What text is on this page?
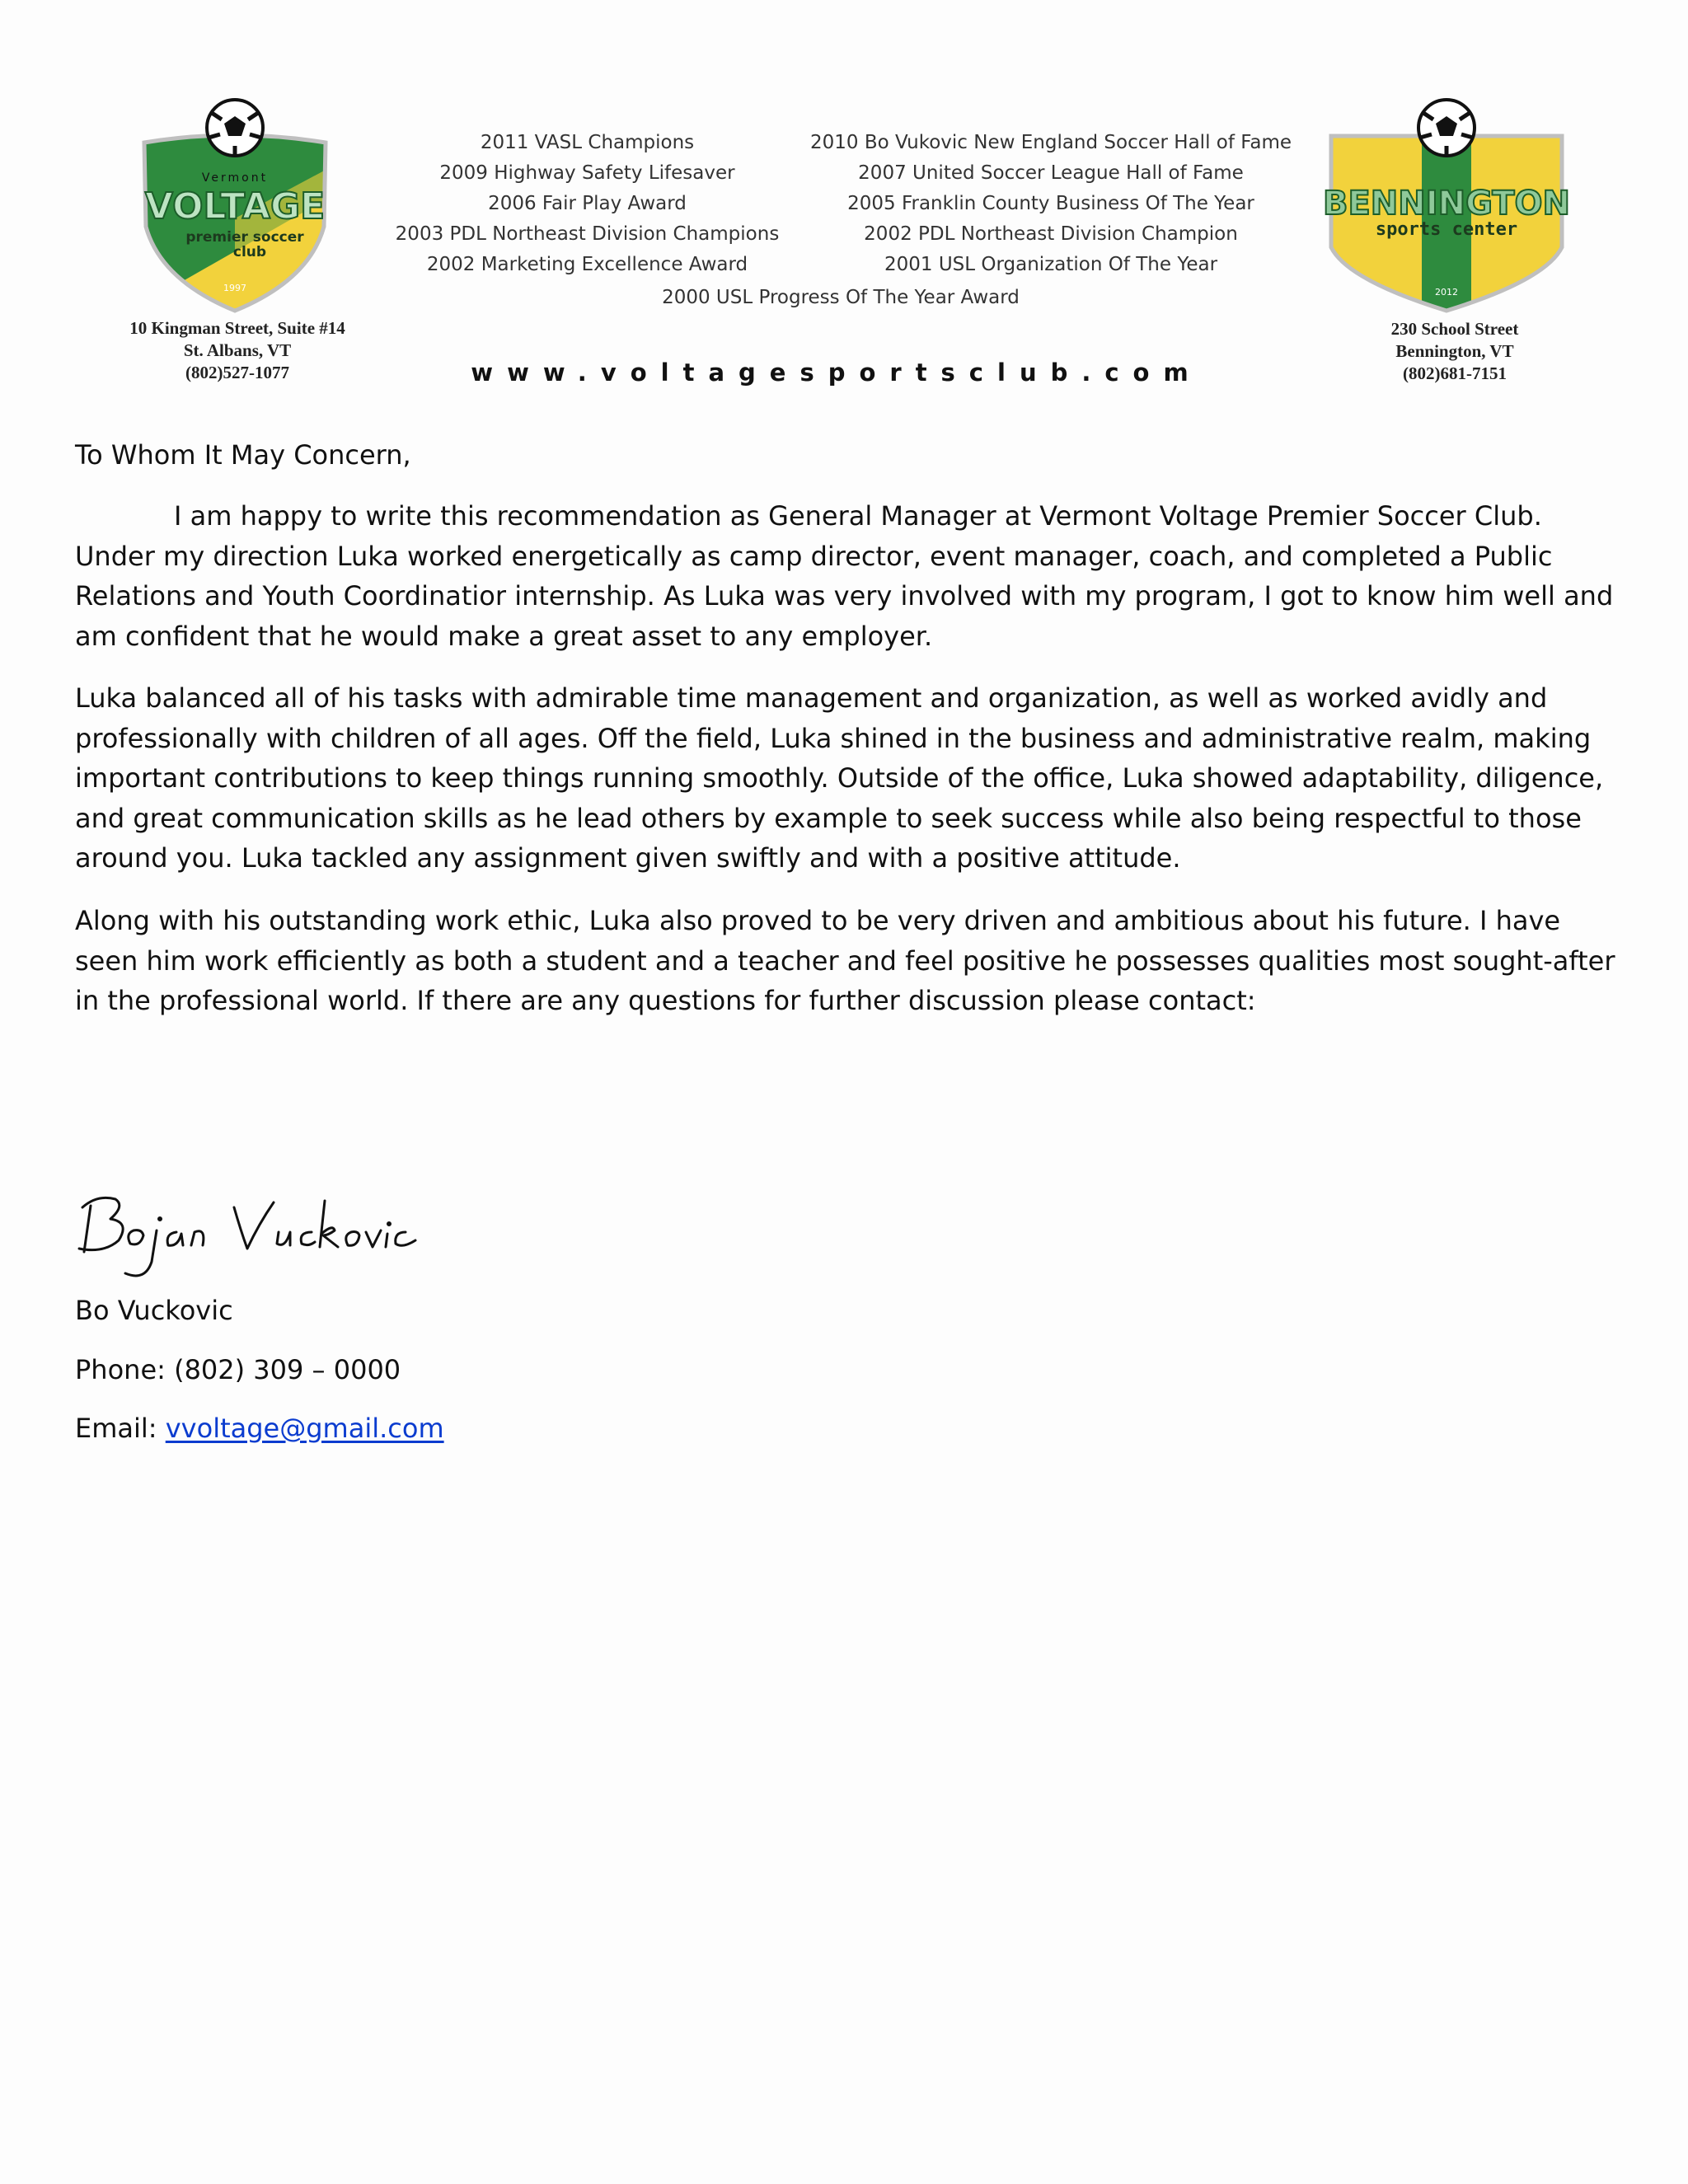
Vermont
VOLTAGE
premier soccer
club
1997
10 Kingman Street, Suite #14
St. Albans, VT
(802)527-1077
2011 VASL Champions
2009 Highway Safety Lifesaver
2006 Fair Play Award
2003 PDL Northeast Division Champions
2002 Marketing Excellence Award
2010 Bo Vukovic New England Soccer Hall of Fame
2007 United Soccer League Hall of Fame
2005 Franklin County Business Of The Year
2002 PDL Northeast Division Champion
2001 USL Organization Of The Year
2000 USL Progress Of The Year Award
www.voltagesportsclub.com
BENNINGTON
sports center
2012
230 School Street
Bennington, VT
(802)681-7151
To Whom It May Concern,

I am happy to write this recommendation as General Manager at Vermont Voltage Premier Soccer Club. Under my direction Luka worked energetically as camp director, event manager, coach, and completed a Public Relations and Youth Coordinatior internship. As Luka was very involved with my program, I got to know him well and am confident that he would make a great asset to any employer.

Luka balanced all of his tasks with admirable time management and organization, as well as worked avidly and professionally with children of all ages. Off the field, Luka shined in the business and administrative realm, making important contributions to keep things running smoothly. Outside of the office, Luka showed adaptability, diligence, and great communication skills as he lead others by example to seek success while also being respectful to those around you. Luka tackled any assignment given swiftly and with a positive attitude.

Along with his outstanding work ethic, Luka also proved to be very driven and ambitious about his future. I have seen him work efficiently as both a student and a teacher and feel positive he possesses qualities most sought-after in the professional world. If there are any questions for further discussion please contact:

Bo Vuckovic
Phone: (802) 309 – 0000
Email: vvoltage@gmail.com
